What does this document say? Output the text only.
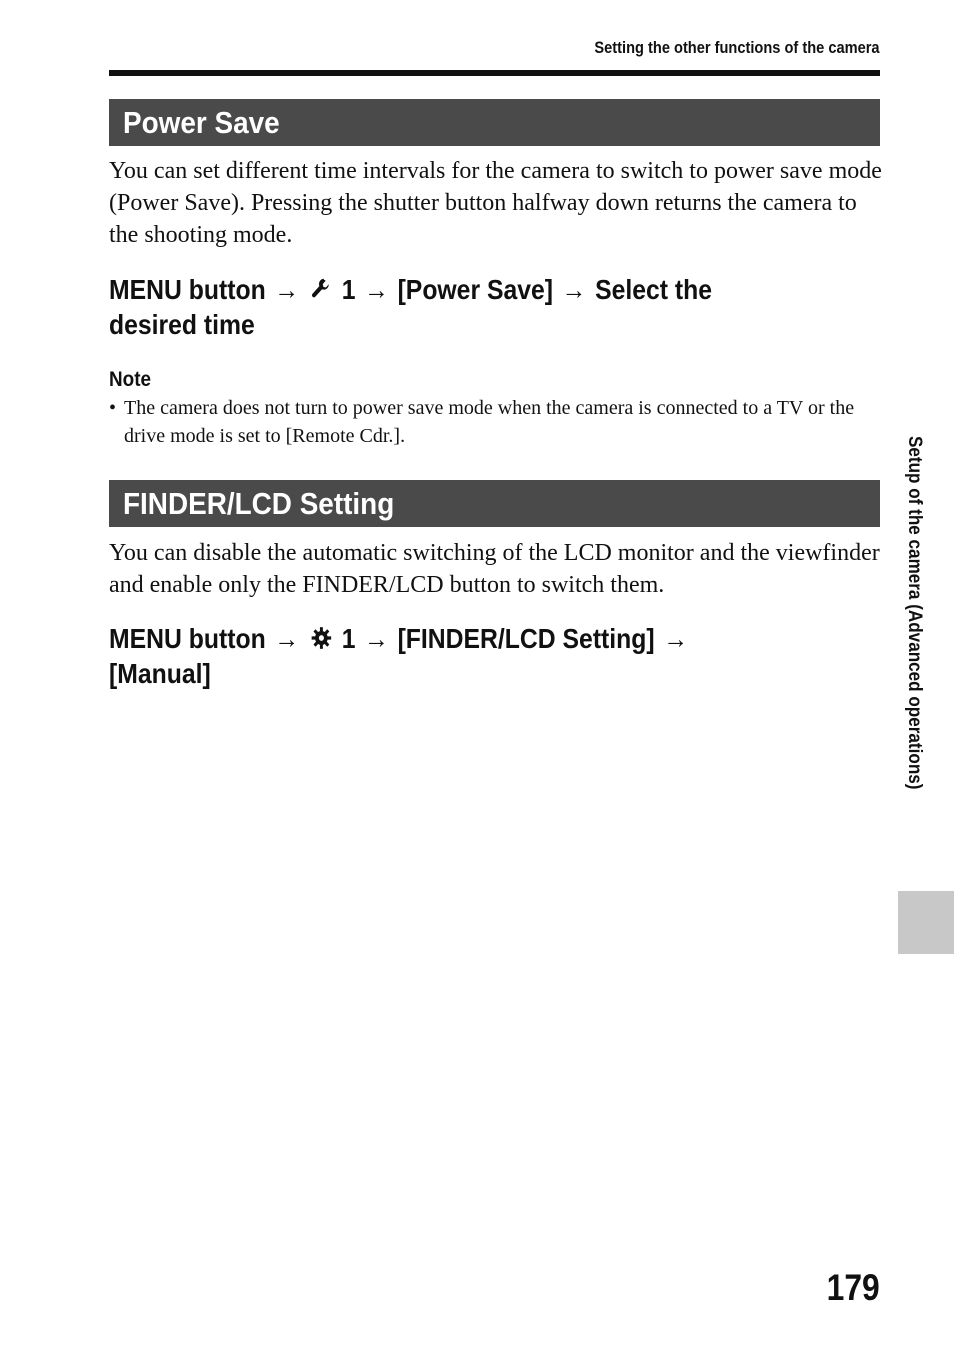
Setting the other functions of the camera
Power Save

You can set different time intervals for the camera to switch to power save mode (Power Save). Pressing the shutter button halfway down returns the camera to the shooting mode.

MENU button → 1 → [Power Save] → Select the desired time

Note
• The camera does not turn to power save mode when the camera is connected to a TV or the drive mode is set to [Remote Cdr.].
FINDER/LCD Setting

You can disable the automatic switching of the LCD monitor and the viewfinder and enable only the FINDER/LCD button to switch them.

MENU button → 1 → [FINDER/LCD Setting] → [Manual]	Setup of the camera (Advanced operations)
179
